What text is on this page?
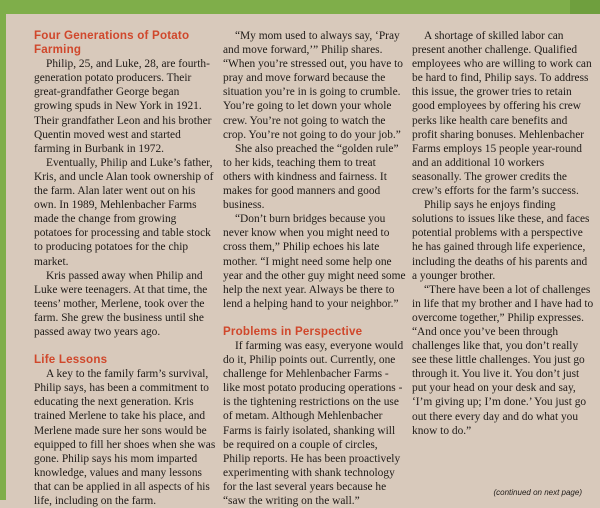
Four Generations of Potato Farming

Philip, 25, and Luke, 28, are fourth-generation potato producers. Their great-grandfather George began growing spuds in New York in 1921. Their grandfather Leon and his brother Quentin moved west and started farming in Burbank in 1972.

Eventually, Philip and Luke’s father, Kris, and uncle Alan took ownership of the farm. Alan later went out on his own. In 1989, Mehlenbacher Farms made the change from growing potatoes for processing and table stock to producing potatoes for the chip market.

Kris passed away when Philip and Luke were teenagers. At that time, the teens’ mother, Merlene, took over the farm. She grew the business until she passed away two years ago.

Life Lessons

A key to the family farm’s survival, Philip says, has been a commitment to educating the next generation. Kris trained Merlene to take his place, and Merlene made sure her sons would be equipped to fill her shoes when she was gone. Philip says his mom imparted knowledge, values and many lessons that can be applied in all aspects of his life, including on the farm.

“My mom used to always say, ‘Pray and move forward,’” Philip shares. “When you’re stressed out, you have to pray and move forward because the situation you’re in is going to crumble. You’re going to let down your whole crew. You’re not going to watch the crop. You’re not going to do your job.”

She also preached the “golden rule” to her kids, teaching them to treat others with kindness and fairness. It makes for good manners and good business.

“Don’t burn bridges because you never know when you might need to cross them,” Philip echoes his late mother. “I might need some help one year and the other guy might need some help the next year. Always be there to lend a helping hand to your neighbor.”

Problems in Perspective

If farming was easy, everyone would do it, Philip points out. Currently, one challenge for Mehlenbacher Farms - like most potato producing operations - is the tightening restrictions on the use of metam. Although Mehlenbacher Farms is fairly isolated, shanking will be required on a couple of circles, Philip reports. He has been proactively experimenting with shank technology for the last several years because he “saw the writing on the wall.”

A shortage of skilled labor can present another challenge. Qualified employees who are willing to work can be hard to find, Philip says. To address this issue, the grower tries to retain good employees by offering his crew perks like health care benefits and profit sharing bonuses. Mehlenbacher Farms employs 15 people year-round and an additional 10 workers seasonally. The grower credits the crew’s efforts for the farm’s success.

Philip says he enjoys finding solutions to issues like these, and faces potential problems with a perspective he has gained through life experience, including the deaths of his parents and a younger brother.

“There have been a lot of challenges in life that my brother and I have had to overcome together,” Philip expresses. “And once you’ve been through challenges like that, you don’t really see these little challenges. You just go through it. You live it. You don’t just put your head on your desk and say, ‘I’m giving up; I’m done.’ You just go out there every day and do what you know to do.”

(continued on next page)
